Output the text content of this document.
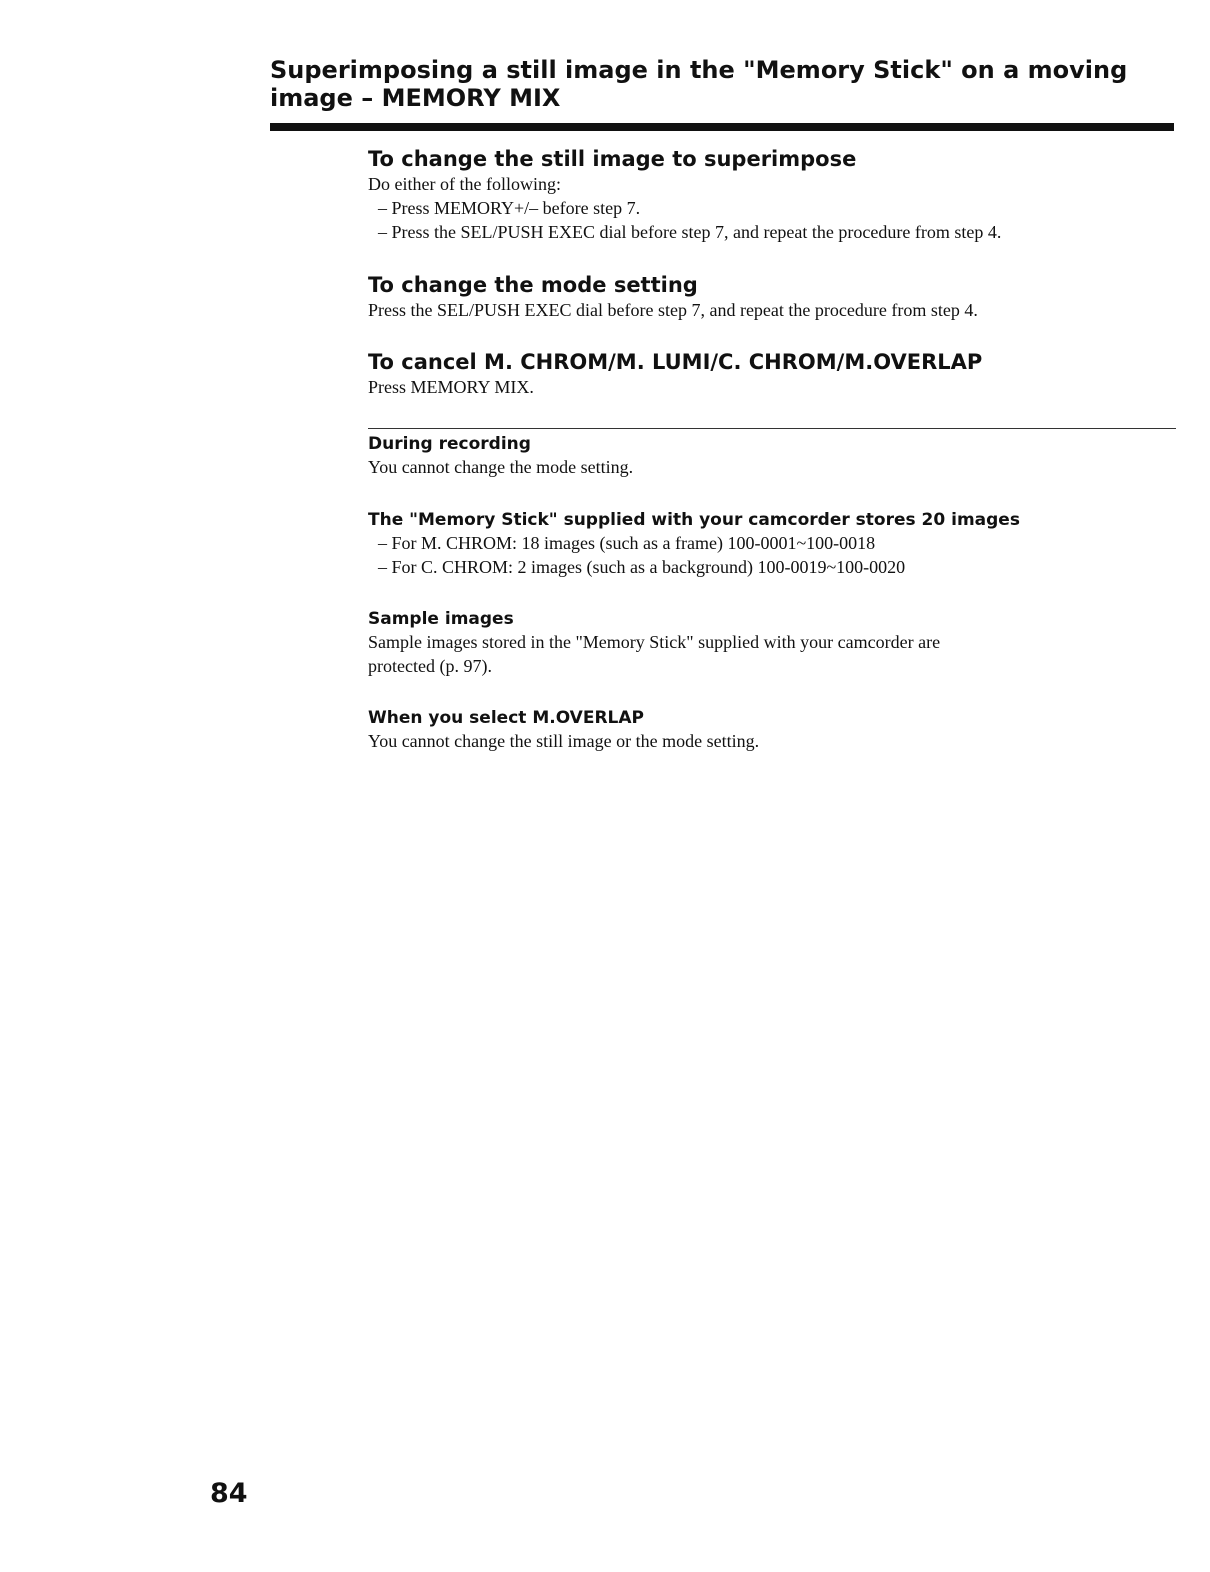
Superimposing a still image in the "Memory Stick" on a moving
image – MEMORY MIX

To change the still image to superimpose

Do either of the following:

– Press MEMORY+/– before step 7.

– Press the SEL/PUSH EXEC dial before step 7, and repeat the procedure from step 4.

To change the mode setting

Press the SEL/PUSH EXEC dial before step 7, and repeat the procedure from step 4.

To cancel M. CHROM/M. LUMI/C. CHROM/M.OVERLAP

Press MEMORY MIX.

During recording

You cannot change the mode setting.

The "Memory Stick" supplied with your camcorder stores 20 images

– For M. CHROM: 18 images (such as a frame) 100-0001~100-0018

– For C. CHROM: 2 images (such as a background) 100-0019~100-0020

Sample images

Sample images stored in the "Memory Stick" supplied with your camcorder are

protected (p. 97).

When you select M.OVERLAP

You cannot change the still image or the mode setting.

84
